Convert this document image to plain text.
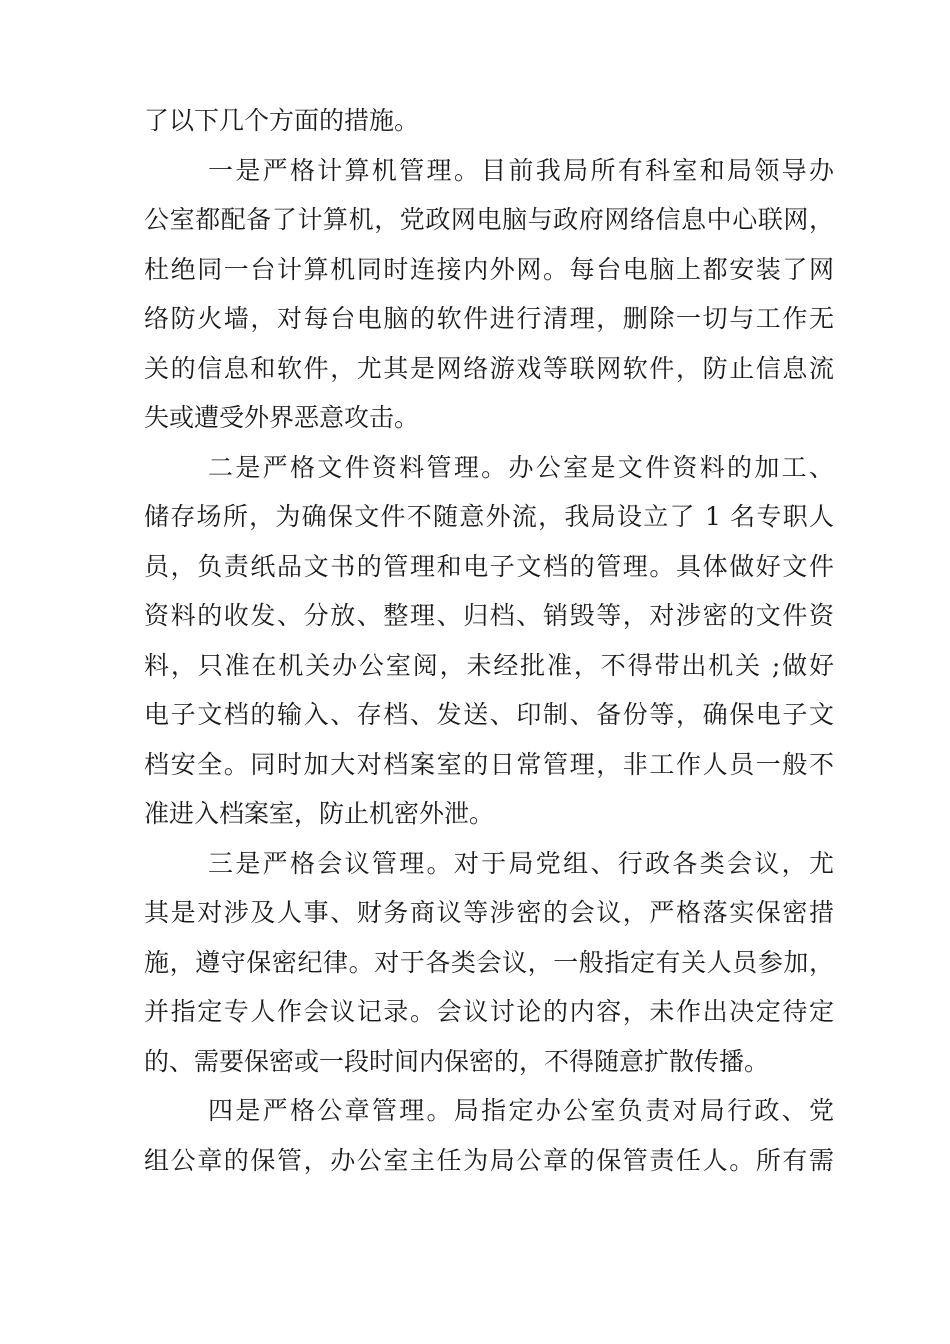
了以下几个方面的措施。
一是严格计算机管理。目前我局所有科室和局领导办
公室都配备了计算机，党政网电脑与政府网络信息中心联网，
杜绝同一台计算机同时连接内外网。每台电脑上都安装了网
络防火墙，对每台电脑的软件进行清理，删除一切与工作无
关的信息和软件，尤其是网络游戏等联网软件，防止信息流
失或遭受外界恶意攻击。
二是严格文件资料管理。办公室是文件资料的加工、
储存场所，为确保文件不随意外流，我局设立了 1 名专职人
员，负责纸品文书的管理和电子文档的管理。具体做好文件
资料的收发、分放、整理、归档、销毁等，对涉密的文件资
料，只准在机关办公室阅，未经批准，不得带出机关 ;做好
电子文档的输入、存档、发送、印制、备份等，确保电子文
档安全。同时加大对档案室的日常管理，非工作人员一般不
准进入档案室，防止机密外泄。
三是严格会议管理。对于局党组、行政各类会议，尤
其是对涉及人事、财务商议等涉密的会议，严格落实保密措
施，遵守保密纪律。对于各类会议，一般指定有关人员参加，
并指定专人作会议记录。会议讨论的内容，未作出决定待定
的、需要保密或一段时间内保密的，不得随意扩散传播。
四是严格公章管理。局指定办公室负责对局行政、党
组公章的保管，办公室主任为局公章的保管责任人。所有需
